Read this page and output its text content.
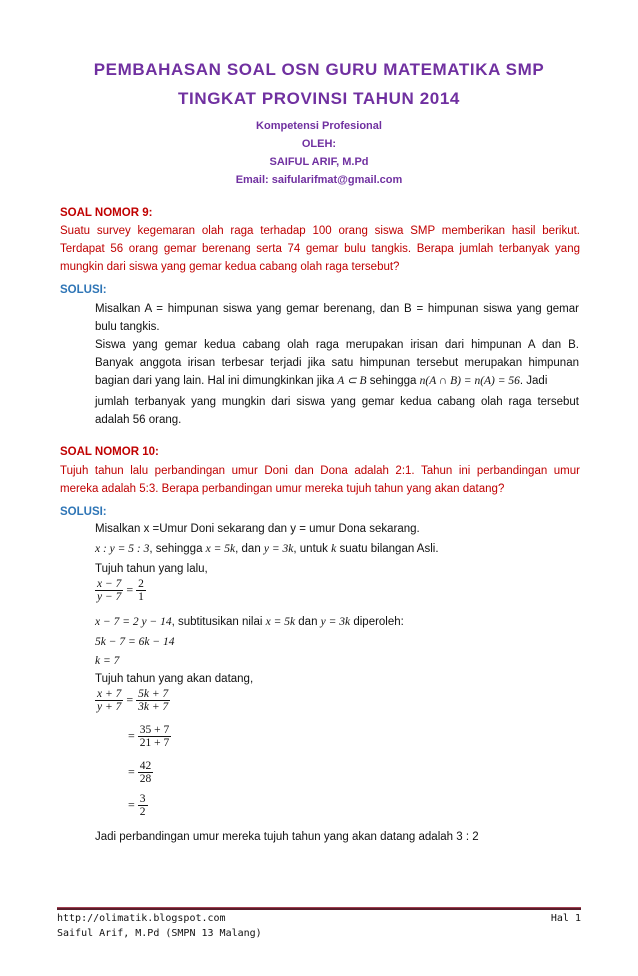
PEMBAHASAN SOAL OSN GURU MATEMATIKA SMP
TINGKAT PROVINSI TAHUN 2014
Kompetensi Profesional
OLEH:
SAIFUL ARIF, M.Pd
Email: saifularifmat@gmail.com
SOAL NOMOR 9:
Suatu survey kegemaran olah raga terhadap 100 orang siswa SMP memberikan hasil berikut.
Terdapat 56 orang gemar berenang serta 74 gemar bulu tangkis. Berapa jumlah terbanyak yang
mungkin dari siswa yang gemar kedua cabang olah raga tersebut?
SOLUSI:
Misalkan A = himpunan siswa yang gemar berenang, dan B = himpunan siswa yang gemar
bulu tangkis.
Siswa yang gemar kedua cabang olah raga merupakan irisan dari himpunan A dan B.
Banyak anggota irisan terbesar terjadi jika satu himpunan tersebut merupakan himpunan
bagian dari yang lain. Hal ini dimungkinkan jika A ⊂ B sehingga n(A ∩ B) = n(A) = 56. Jadi
jumlah terbanyak yang mungkin dari siswa yang gemar kedua cabang olah raga tersebut
adalah 56 orang.
SOAL NOMOR 10:
Tujuh tahun lalu perbandingan umur Doni dan Dona adalah 2:1. Tahun ini perbandingan umur
mereka adalah 5:3. Berapa perbandingan umur mereka tujuh tahun yang akan datang?
SOLUSI:
Misalkan x =Umur Doni sekarang dan y = umur Dona sekarang.
x : y = 5 : 3, sehingga x = 5k, dan y = 3k, untuk k suatu bilangan Asli.
Tujuh tahun yang lalu,
$\frac{x - 7}{y - 7} = \frac{2}{1}$
x − 7 = 2 y − 14, subtitusikan nilai x = 5k dan y = 3k diperoleh:
5k − 7 = 6k − 14
k = 7
Tujuh tahun yang akan datang,
$\frac{x + 7}{y + 7} = \frac{5k + 7}{3k + 7}$
= $\frac{35 + 7}{21 + 7}$
= $\frac{42}{28}$
= $\frac{3}{2}$
Jadi perbandingan umur mereka tujuh tahun yang akan datang adalah 3 : 2
http://olimatik.blogspot.com	Hal 1
Saiful Arif, M.Pd (SMPN 13 Malang)
